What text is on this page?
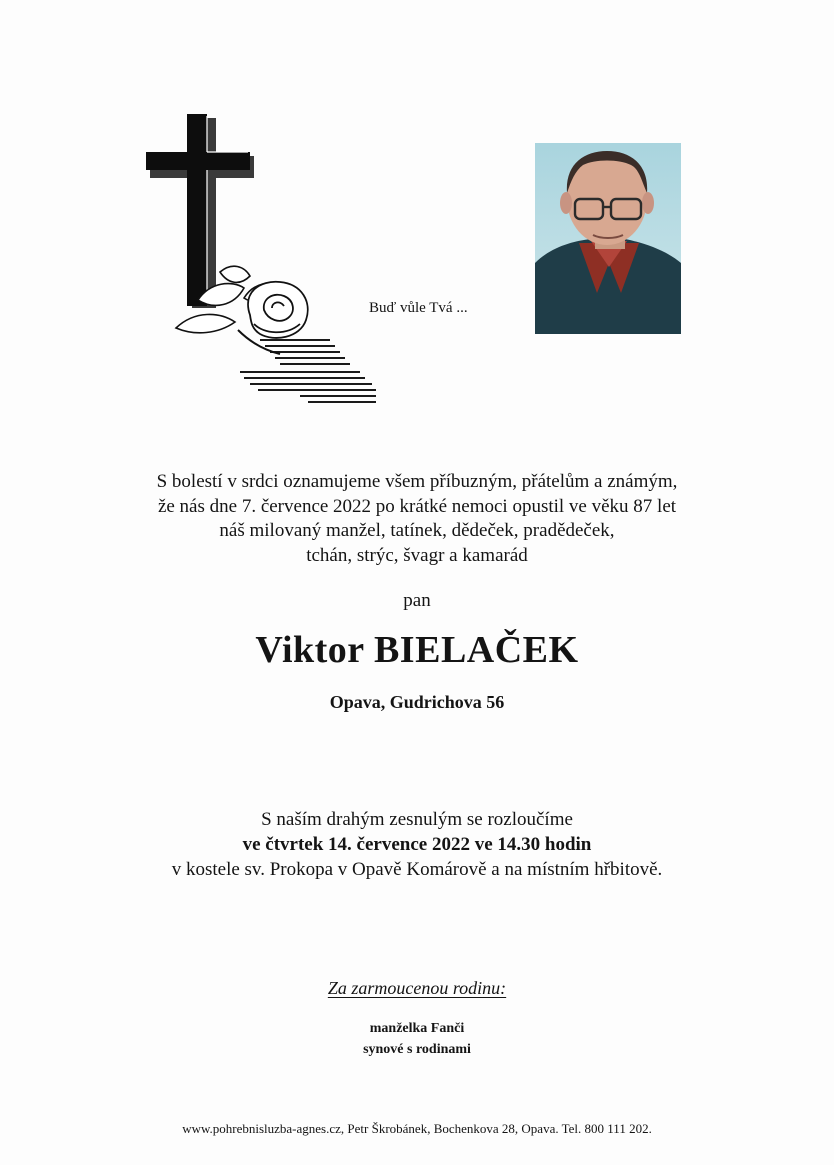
Buď vůle Tvá ...
S bolestí v srdci oznamujeme všem příbuzným, přátelům a známým,
že nás dne 7. července 2022 po krátké nemoci opustil ve věku 87 let
náš milovaný manžel, tatínek, dědeček, pradědeček,
tchán, strýc, švagr a kamarád
pan
Viktor BIELAČEK
Opava, Gudrichova 56
S naším drahým zesnulým se rozloučíme
ve čtvrtek 14. července 2022 ve 14.30 hodin
v kostele sv. Prokopa v Opavě Komárově a na místním hřbitově.
Za zarmoucenou rodinu:
manželka Fanči
synové s rodinami
www.pohrebnisluzba-agnes.cz, Petr Škrobánek, Bochenkova 28, Opava. Tel. 800 111 202.
